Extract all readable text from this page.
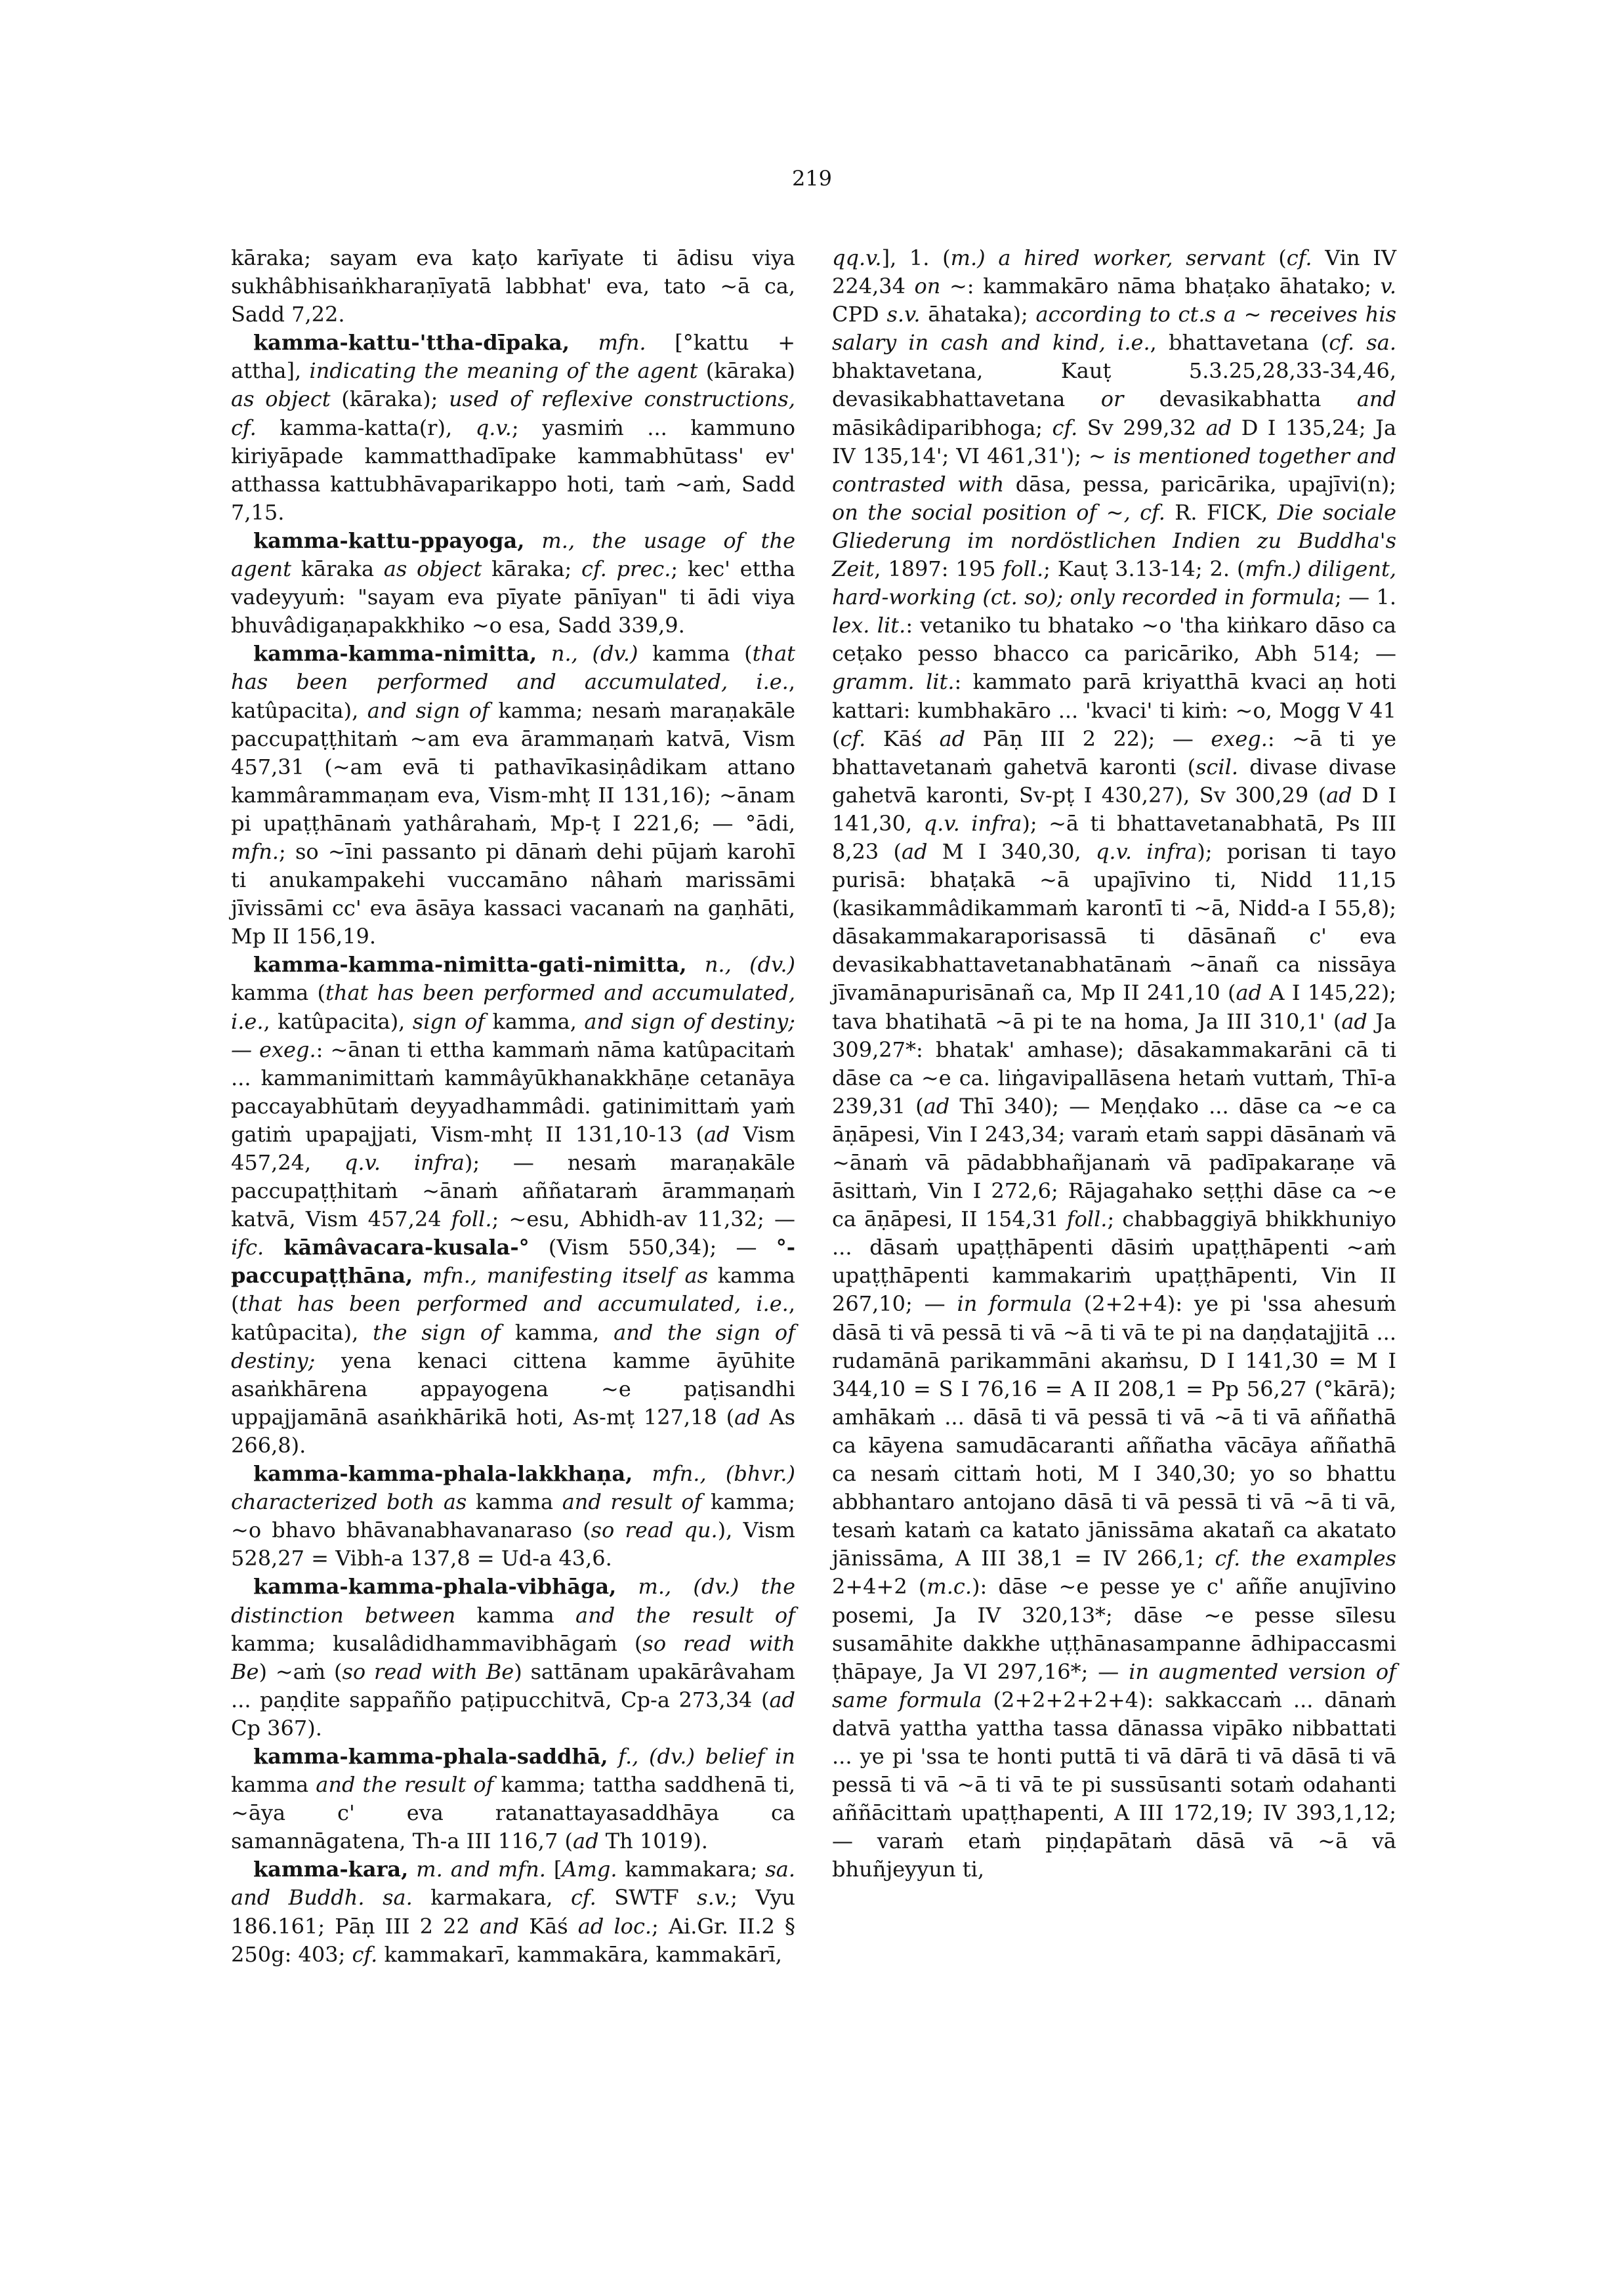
219

kāraka; sayam eva kaṭo karīyate ti ādisu viya sukhâbhisaṅkharaṇīyatā labbhat' eva, tato ~ā ca, Sadd 7,22.

kamma-kattu-'ttha-dīpaka, mfn. [°kattu + attha], indicating the meaning of the agent (kāraka) as object (kāraka); used of reflexive constructions, cf. kamma-katta(r), q.v.; yasmiṁ ... kammuno kiriyāpade kammatthadīpake kammabhūtass' ev' atthassa kattubhāvaparikappo hoti, taṁ ~aṁ, Sadd 7,15.

kamma-kattu-ppayoga, m., the usage of the agent kāraka as object kāraka; cf. prec.; kec' ettha vadeyyuṁ: "sayam eva pīyate pānīyan" ti ādi viya bhuvâdigaṇapakkhiko ~o esa, Sadd 339,9.

kamma-kamma-nimitta, n., (dv.) kamma (that has been performed and accumulated, i.e., katûpacita), and sign of kamma; nesaṁ maraṇakāle paccupaṭṭhitaṁ ~am eva ārammaṇaṁ katvā, Vism 457,31 (~am evā ti pathavīkasiṇâdikam attano kammârammaṇam eva, Vism-mhṭ II 131,16); ~ānam pi upaṭṭhānaṁ yathârahaṁ, Mp-ṭ I 221,6; — °ādi, mfn.; so ~īni passanto pi dānaṁ dehi pūjaṁ karohī ti anukampakehi vuccamāno nâhaṁ marissāmi jīvissāmi cc' eva āsāya kassaci vacanaṁ na gaṇhāti, Mp II 156,19.

kamma-kamma-nimitta-gati-nimitta, n., (dv.) kamma (that has been performed and accumulated, i.e., katûpacita), sign of kamma, and sign of destiny; — exeg.: ~ānan ti ettha kammaṁ nāma katûpacitaṁ ... kammanimittaṁ kammâyūkhanakkhāṇe cetanāya paccayabhūtaṁ deyyadhammâdi. gatinimittaṁ yaṁ gatiṁ upapajjati, Vism-mhṭ II 131,10-13 (ad Vism 457,24, q.v. infra); — nesaṁ maraṇakāle paccupaṭṭhitaṁ ~ānaṁ aññataraṁ ārammaṇaṁ katvā, Vism 457,24 foll.; ~esu, Abhidh-av 11,32; — ifc. kāmâvacara-kusala-° (Vism 550,34); — °-paccupaṭṭhāna, mfn., manifesting itself as kamma (that has been performed and accumulated, i.e., katûpacita), the sign of kamma, and the sign of destiny; yena kenaci cittena kamme āyūhite asaṅkhārena appayogena ~e paṭisandhi uppajjamānā asaṅkhārikā hoti, As-mṭ 127,18 (ad As 266,8).

kamma-kamma-phala-lakkhaṇa, mfn., (bhvr.) characterized both as kamma and result of kamma; ~o bhavo bhāvanabhavanaraso (so read qu.), Vism 528,27 = Vibh-a 137,8 = Ud-a 43,6.

kamma-kamma-phala-vibhāga, m., (dv.) the distinction between kamma and the result of kamma; kusalâdidhammavibhāgaṁ (so read with Be) ~aṁ (so read with Be) sattānam upakārâvaham ... paṇḍite sappañño paṭipucchitvā, Cp-a 273,34 (ad Cp 367).

kamma-kamma-phala-saddhā, f., (dv.) belief in kamma and the result of kamma; tattha saddhenā ti, ~āya c' eva ratanattayasaddhāya ca samannāgatena, Th-a III 116,7 (ad Th 1019).

kamma-kara, m. and mfn. [Amg. kammakara; sa. and Buddh. sa. karmakara, cf. SWTF s.v.; Vyu 186.161; Pāṇ III 2 22 and Kāś ad loc.; Ai.Gr. II.2 § 250g: 403; cf. kammakarī, kammakāra, kammakārī,

qq.v.], 1. (m.) a hired worker, servant (cf. Vin IV 224,34 on ~: kammakāro nāma bhaṭako āhatako; v. CPD s.v. āhataka); according to ct.s a ~ receives his salary in cash and kind, i.e., bhattavetana (cf. sa. bhaktavetana, Kauṭ 5.3.25,28,33-34,46, devasikabhattavetana or devasikabhatta and māsikâdiparibhoga; cf. Sv 299,32 ad D I 135,24; Ja IV 135,14'; VI 461,31'); ~ is mentioned together and contrasted with dāsa, pessa, paricārika, upajīvi(n); on the social position of ~, cf. R. FICK, Die sociale Gliederung im nordöstlichen Indien zu Buddha's Zeit, 1897: 195 foll.; Kauṭ 3.13-14; 2. (mfn.) diligent, hard-working (ct. so); only recorded in formula; — 1. lex. lit.: vetaniko tu bhatako ~o 'tha kiṅkaro dāso ca ceṭako pesso bhacco ca paricāriko, Abh 514; — gramm. lit.: kammato parā kriyatthā kvaci aṇ hoti kattari: kumbhakāro ... 'kvaci' ti kiṁ: ~o, Mogg V 41 (cf. Kāś ad Pāṇ III 2 22); — exeg.: ~ā ti ye bhattavetanaṁ gahetvā karonti (scil. divase divase gahetvā karonti, Sv-pṭ I 430,27), Sv 300,29 (ad D I 141,30, q.v. infra); ~ā ti bhattavetanabhatā, Ps III 8,23 (ad M I 340,30, q.v. infra); porisan ti tayo purisā: bhaṭakā ~ā upajīvino ti, Nidd 11,15 (kasikammâdikammaṁ karontī ti ~ā, Nidd-a I 55,8); dāsakammakaraporisassā ti dāsānañ c' eva devasikabhattavetanabhatānaṁ ~ānañ ca nissāya jīvamānapurisānañ ca, Mp II 241,10 (ad A I 145,22); tava bhatihatā ~ā pi te na homa, Ja III 310,1' (ad Ja 309,27*: bhatak' amhase); dāsakammakarāni cā ti dāse ca ~e ca. liṅgavipallāsena hetaṁ vuttaṁ, Thī-a 239,31 (ad Thī 340); — Meṇḍako ... dāse ca ~e ca āṇāpesi, Vin I 243,34; varaṁ etaṁ sappi dāsānaṁ vā ~ānaṁ vā pādabbhañjanaṁ vā padīpakaraṇe vā āsittaṁ, Vin I 272,6; Rājagahako seṭṭhi dāse ca ~e ca āṇāpesi, II 154,31 foll.; chabbaggiyā bhikkhuniyo ... dāsaṁ upaṭṭhāpenti dāsiṁ upaṭṭhāpenti ~aṁ upaṭṭhāpenti kammakariṁ upaṭṭhāpenti, Vin II 267,10; — in formula (2+2+4): ye pi 'ssa ahesuṁ dāsā ti vā pessā ti vā ~ā ti vā te pi na daṇḍatajjitā ... rudamānā parikammāni akaṁsu, D I 141,30 = M I 344,10 = S I 76,16 = A II 208,1 = Pp 56,27 (°kārā); amhākaṁ ... dāsā ti vā pessā ti vā ~ā ti vā aññathā ca kāyena samudācaranti aññatha vācāya aññathā ca nesaṁ cittaṁ hoti, M I 340,30; yo so bhattu abbhantaro antojano dāsā ti vā pessā ti vā ~ā ti vā, tesaṁ kataṁ ca katato jānissāma akatañ ca akatato jānissāma, A III 38,1 = IV 266,1; cf. the examples 2+4+2 (m.c.): dāse ~e pesse ye c' aññe anujīvino posemi, Ja IV 320,13*; dāse ~e pesse sīlesu susamāhite dakkhe uṭṭhānasampanne ādhipaccasmi ṭhāpaye, Ja VI 297,16*; — in augmented version of same formula (2+2+2+2+4): sakkaccaṁ ... dānaṁ datvā yattha yattha tassa dānassa vipāko nibbattati ... ye pi 'ssa te honti puttā ti vā dārā ti vā dāsā ti vā pessā ti vā ~ā ti vā te pi sussūsanti sotaṁ odahanti aññācittaṁ upaṭṭhapenti, A III 172,19; IV 393,1,12; — varaṁ etaṁ piṇḍapātaṁ dāsā vā ~ā vā bhuñjeyyun ti,
